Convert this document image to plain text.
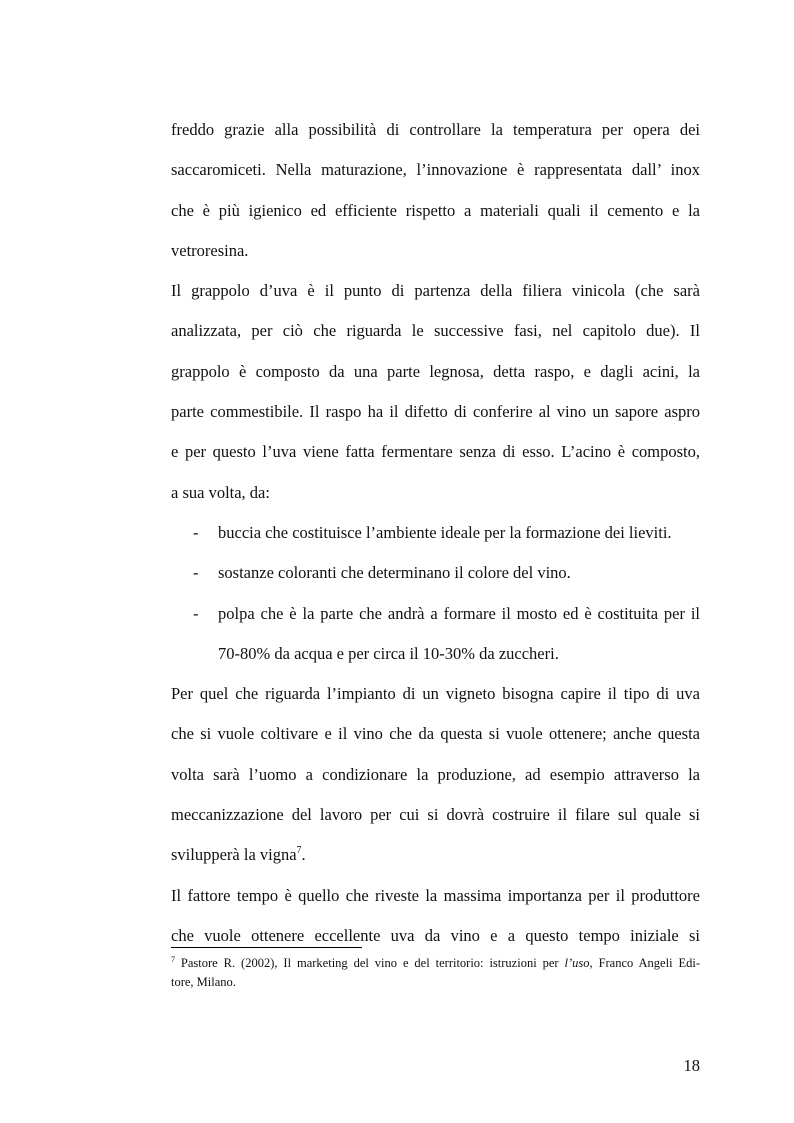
freddo grazie alla possibilità di controllare la temperatura per opera dei
saccaromiceti. Nella maturazione, l’innovazione è rappresentata dall’ inox
che è più igienico ed efficiente rispetto a materiali quali il cemento e la
vetroresina.
Il grappolo d’uva è il punto di partenza della filiera vinicola (che sarà
analizzata, per ciò che riguarda le successive fasi, nel capitolo due). Il
grappolo è composto da una parte legnosa, detta raspo, e dagli acini, la
parte commestibile. Il raspo ha il difetto di conferire al vino un sapore aspro
e per questo l’uva viene fatta fermentare senza di esso. L’acino è composto,
a sua volta, da:
- buccia che costituisce l’ambiente ideale per la formazione dei lieviti.
- sostanze coloranti che determinano il colore del vino.
- polpa che è la parte che andrà a formare il mosto ed è costituita per il
70-80% da acqua e per circa il 10-30% da zuccheri.
Per quel che riguarda l’impianto di un vigneto bisogna capire il tipo di uva
che si vuole coltivare e il vino che da questa si vuole ottenere; anche questa
volta sarà l’uomo a condizionare la produzione, ad esempio attraverso la
meccanizzazione del lavoro per cui si dovrà costruire il filare sul quale si
svilupperà la vigna$^7$.
Il fattore tempo è quello che riveste la massima importanza per il produttore
che vuole ottenere eccellente uva da vino e a questo tempo iniziale si
$^7$ Pastore R. (2002), Il marketing del vino e del territorio: istruzioni per l’uso, Franco Angeli Edi-
tore, Milano.
18
